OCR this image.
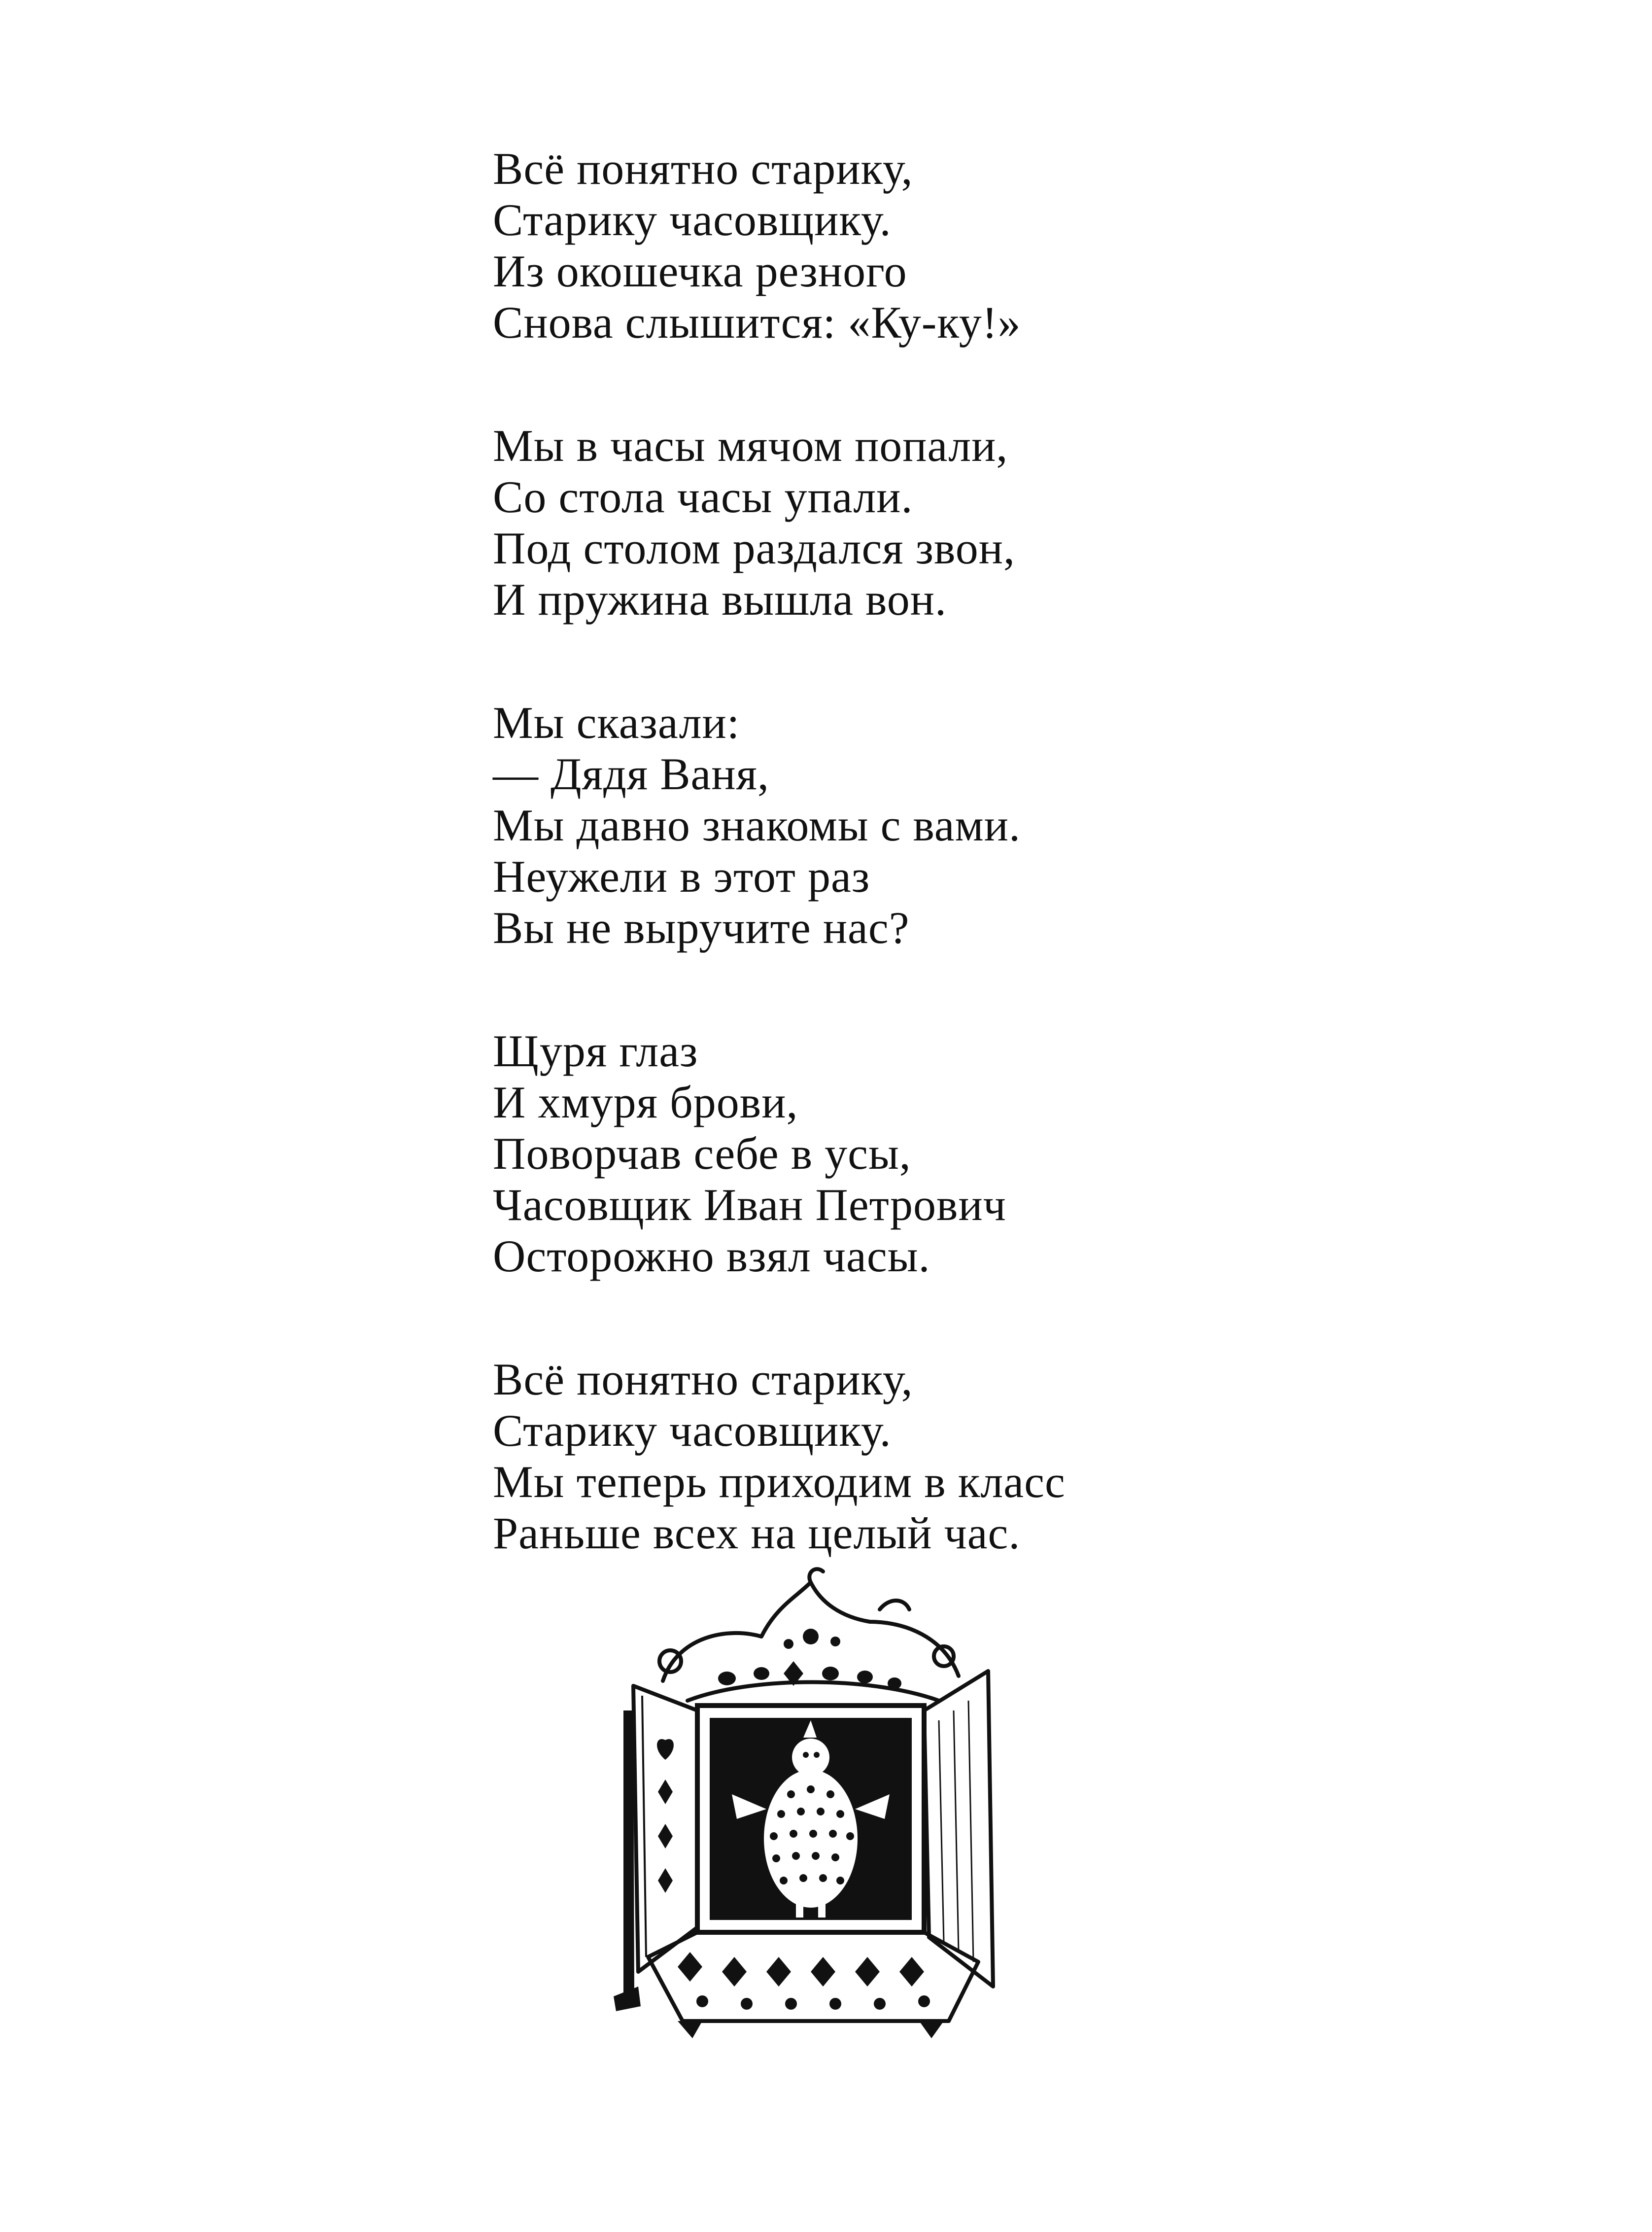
Всё понятно старику,
Старику часовщику.
Из окошечка резного
Снова слышится: «Ку-ку!»
Мы в часы мячом попали,
Со стола часы упали.
Под столом раздался звон,
И пружина вышла вон.
Мы сказали:
— Дядя Ваня,
Мы давно знакомы с вами.
Неужели в этот раз
Вы не выручите нас?
Щуря глаз
И хмуря брови,
Поворчав себе в усы,
Часовщик Иван Петрович
Осторожно взял часы.
Всё понятно старику,
Старику часовщику.
Мы теперь приходим в класс
Раньше всех на целый час.
